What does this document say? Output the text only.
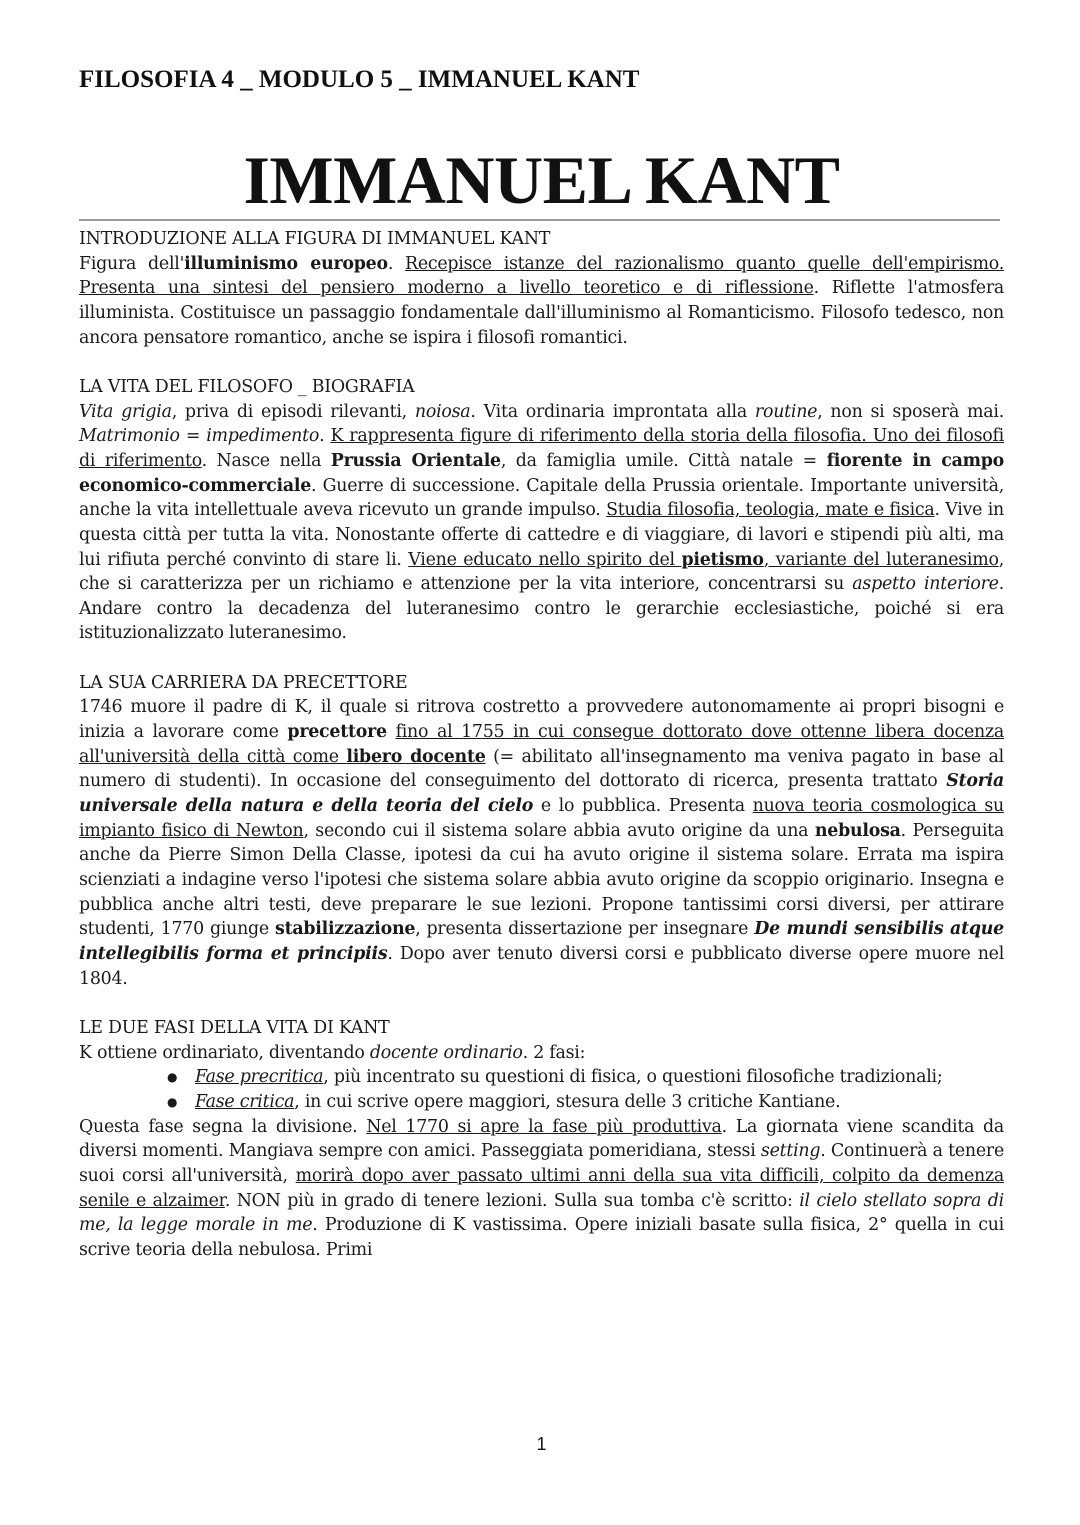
FILOSOFIA 4 _ MODULO 5 _ IMMANUEL KANT
IMMANUEL KANT
INTRODUZIONE ALLA FIGURA DI IMMANUEL KANT

Figura dell'illuminismo europeo. Recepisce istanze del razionalismo quanto quelle dell'empirismo. Presenta una sintesi del pensiero moderno a livello teoretico e di riflessione. Riflette l'atmosfera illuminista. Costituisce un passaggio fondamentale dall'illuminismo al Romanticismo. Filosofo tedesco, non ancora pensatore romantico, anche se ispira i filosofi romantici.

LA VITA DEL FILOSOFO _ BIOGRAFIA

Vita grigia, priva di episodi rilevanti, noiosa. Vita ordinaria improntata alla routine, non si sposerà mai. Matrimonio = impedimento. K rappresenta figure di riferimento della storia della filosofia. Uno dei filosofi di riferimento. Nasce nella Prussia Orientale, da famiglia umile. Città natale = fiorente in campo economico-commerciale. Guerre di successione. Capitale della Prussia orientale. Importante università, anche la vita intellettuale aveva ricevuto un grande impulso. Studia filosofia, teologia, mate e fisica. Vive in questa città per tutta la vita. Nonostante offerte di cattedre e di viaggiare, di lavori e stipendi più alti, ma lui rifiuta perché convinto di stare li. Viene educato nello spirito del pietismo, variante del luteranesimo, che si caratterizza per un richiamo e attenzione per la vita interiore, concentrarsi su aspetto interiore. Andare contro la decadenza del luteranesimo contro le gerarchie ecclesiastiche, poiché si era istituzionalizzato luteranesimo.

LA SUA CARRIERA DA PRECETTORE

1746 muore il padre di K, il quale si ritrova costretto a provvedere autonomamente ai propri bisogni e inizia a lavorare come precettore fino al 1755 in cui consegue dottorato dove ottenne libera docenza all'università della città come libero docente (= abilitato all'insegnamento ma veniva pagato in base al numero di studenti). In occasione del conseguimento del dottorato di ricerca, presenta trattato Storia universale della natura e della teoria del cielo e lo pubblica. Presenta nuova teoria cosmologica su impianto fisico di Newton, secondo cui il sistema solare abbia avuto origine da una nebulosa. Perseguita anche da Pierre Simon Della Classe, ipotesi da cui ha avuto origine il sistema solare. Errata ma ispira scienziati a indagine verso l'ipotesi che sistema solare abbia avuto origine da scoppio originario. Insegna e pubblica anche altri testi, deve preparare le sue lezioni. Propone tantissimi corsi diversi, per attirare studenti, 1770 giunge stabilizzazione, presenta dissertazione per insegnare De mundi sensibilis atque intellegibilis forma et principiis. Dopo aver tenuto diversi corsi e pubblicato diverse opere muore nel 1804.

LE DUE FASI DELLA VITA DI KANT

K ottiene ordinariato, diventando docente ordinario. 2 fasi:

● Fase precritica, più incentrato su questioni di fisica, o questioni filosofiche tradizionali;
● Fase critica, in cui scrive opere maggiori, stesura delle 3 critiche Kantiane.

Questa fase segna la divisione. Nel 1770 si apre la fase più produttiva. La giornata viene scandita da diversi momenti. Mangiava sempre con amici. Passeggiata pomeridiana, stessi setting. Continuerà a tenere suoi corsi all'università, morirà dopo aver passato ultimi anni della sua vita difficili, colpito da demenza senile e alzaimer. NON più in grado di tenere lezioni. Sulla sua tomba c'è scritto: il cielo stellato sopra di me, la legge morale in me. Produzione di K vastissima. Opere iniziali basate sulla fisica, 2° quella in cui scrive teoria della nebulosa. Primi

1
